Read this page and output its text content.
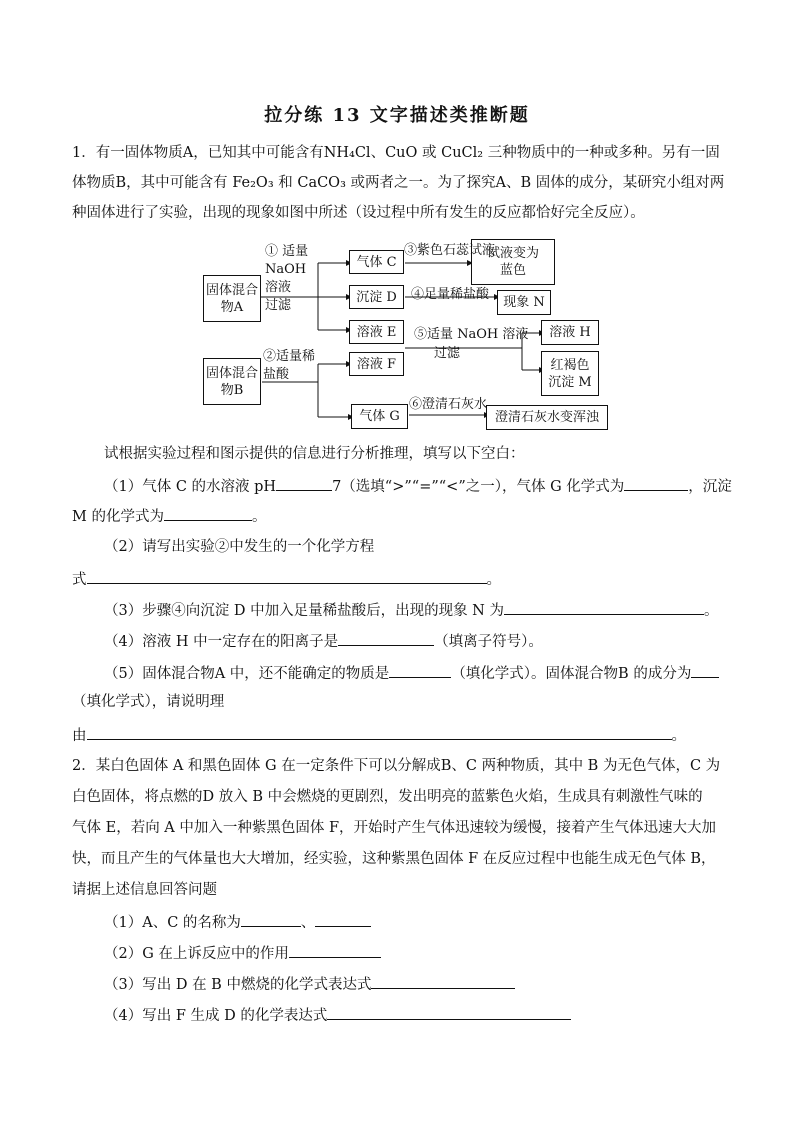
拉分练 13 文字描述类推断题
1．有一固体物质A，已知其中可能含有NH₄Cl、CuO 或 CuCl₂ 三种物质中的一种或多种。另有一固
体物质B，其中可能含有 Fe₂O₃ 和 CaCO₃ 或两者之一。为了探究A、B 固体的成分，某研究小组对两
种固体进行了实验，出现的现象如图中所述（设过程中所有发生的反应都恰好完全反应）。
固体混合物A
固体混合物B
气体 C
试液变为蓝色
沉淀 D	现象 N
溶液 E
溶液 F
溶液 H
红褐色沉淀 M
气体 G	澄清石灰水变浑浊
① 适量
NaOH
溶液
过滤
③紫色石蕊试液
④足量稀盐酸
⑤适量 NaOH 溶液
过滤
②适量稀
盐酸
⑥澄清石灰水
试根据实验过程和图示提供的信息进行分析推理，填写以下空白：
（1）气体 C 的水溶液 pH	7（选填“>”“=”“<”之一），气体 G 化学式为	，沉淀
M 的化学式为	。
（2）请写出实验②中发生的一个化学方程
式	。
（3）步骤④向沉淀 D 中加入足量稀盐酸后，出现的现象 N 为	。
（4）溶液 H 中一定存在的阳离子是	（填离子符号）。
（5）固体混合物A 中，还不能确定的物质是	（填化学式）。固体混合物B 的成分为
（填化学式），请说明理
由	。
2．某白色固体 A 和黑色固体 G 在一定条件下可以分解成B、C 两种物质，其中 B 为无色气体，C 为
白色固体，将点燃的D 放入 B 中会燃烧的更剧烈，发出明亮的蓝紫色火焰，生成具有刺激性气味的
气体 E，若向 A 中加入一种紫黑色固体 F，开始时产生气体迅速较为缓慢，接着产生气体迅速大大加
快，而且产生的气体量也大大增加，经实验，这种紫黑色固体 F 在反应过程中也能生成无色气体 B，
请据上述信息回答问题
（1）A、C 的名称为	、
（2）G 在上诉反应中的作用
（3）写出 D 在 B 中燃烧的化学式表达式
（4）写出 F 生成 D 的化学表达式
